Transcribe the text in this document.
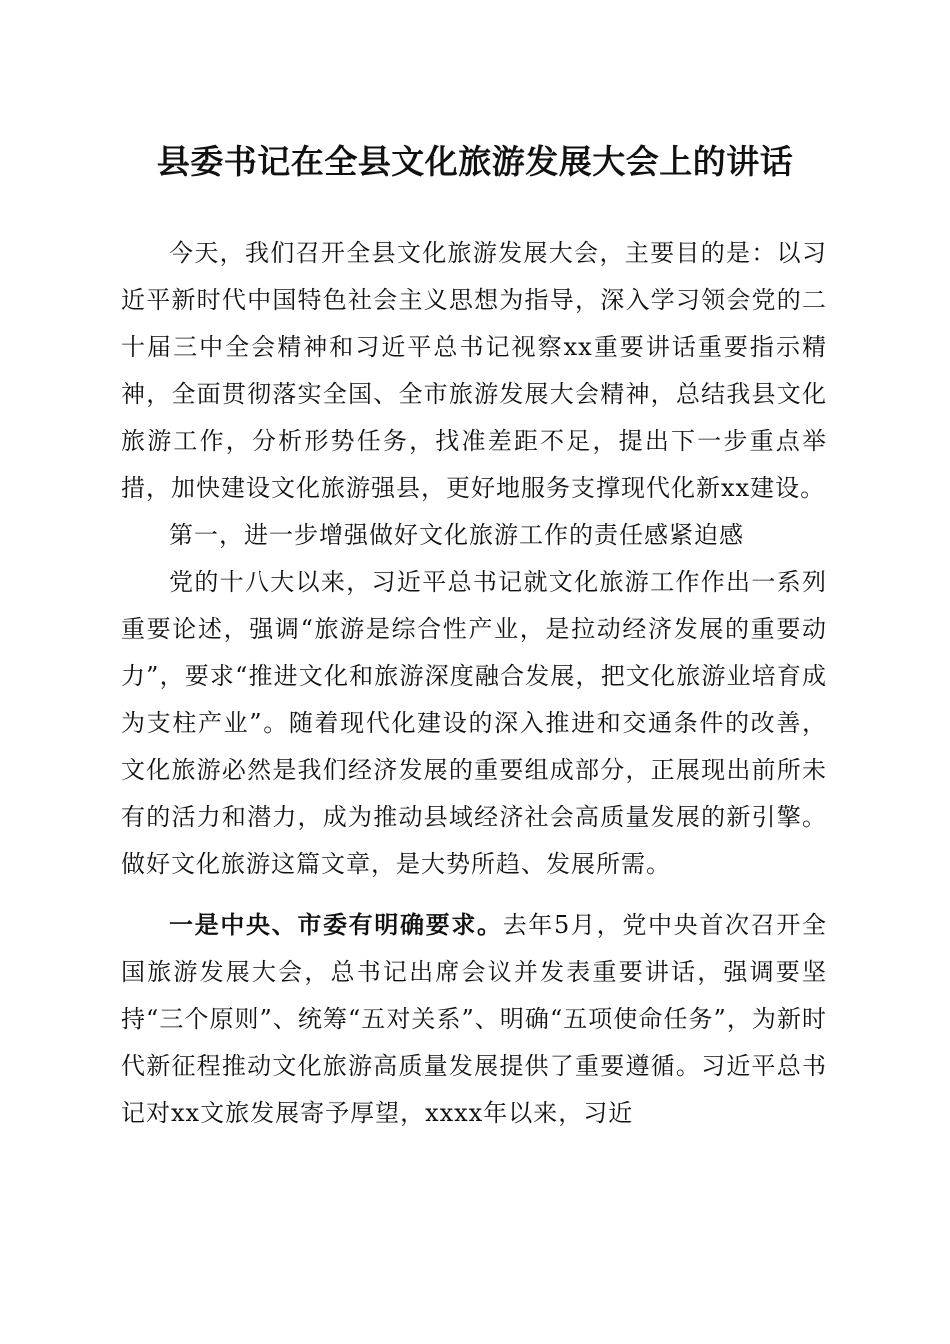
县委书记在全县文化旅游发展大会上的讲话

今天，我们召开全县文化旅游发展大会，主要目的是：以习近平新时代中国特色社会主义思想为指导，深入学习领会党的二十届三中全会精神和习近平总书记视察xx重要讲话重要指示精神，全面贯彻落实全国、全市旅游发展大会精神，总结我县文化旅游工作，分析形势任务，找准差距不足，提出下一步重点举措，加快建设文化旅游强县，更好地服务支撑现代化新xx建设。

第一，进一步增强做好文化旅游工作的责任感紧迫感

党的十八大以来，习近平总书记就文化旅游工作作出一系列重要论述，强调“旅游是综合性产业，是拉动经济发展的重要动力”，要求“推进文化和旅游深度融合发展，把文化旅游业培育成为支柱产业”。随着现代化建设的深入推进和交通条件的改善，文化旅游必然是我们经济发展的重要组成部分，正展现出前所未有的活力和潜力，成为推动县域经济社会高质量发展的新引擎。做好文化旅游这篇文章，是大势所趋、发展所需。

一是中央、市委有明确要求。去年5月，党中央首次召开全国旅游发展大会，总书记出席会议并发表重要讲话，强调要坚持“三个原则”、统筹“五对关系”、明确“五项使命任务”，为新时代新征程推动文化旅游高质量发展提供了重要遵循。习近平总书记对xx文旅发展寄予厚望，xxxx年以来，习近
